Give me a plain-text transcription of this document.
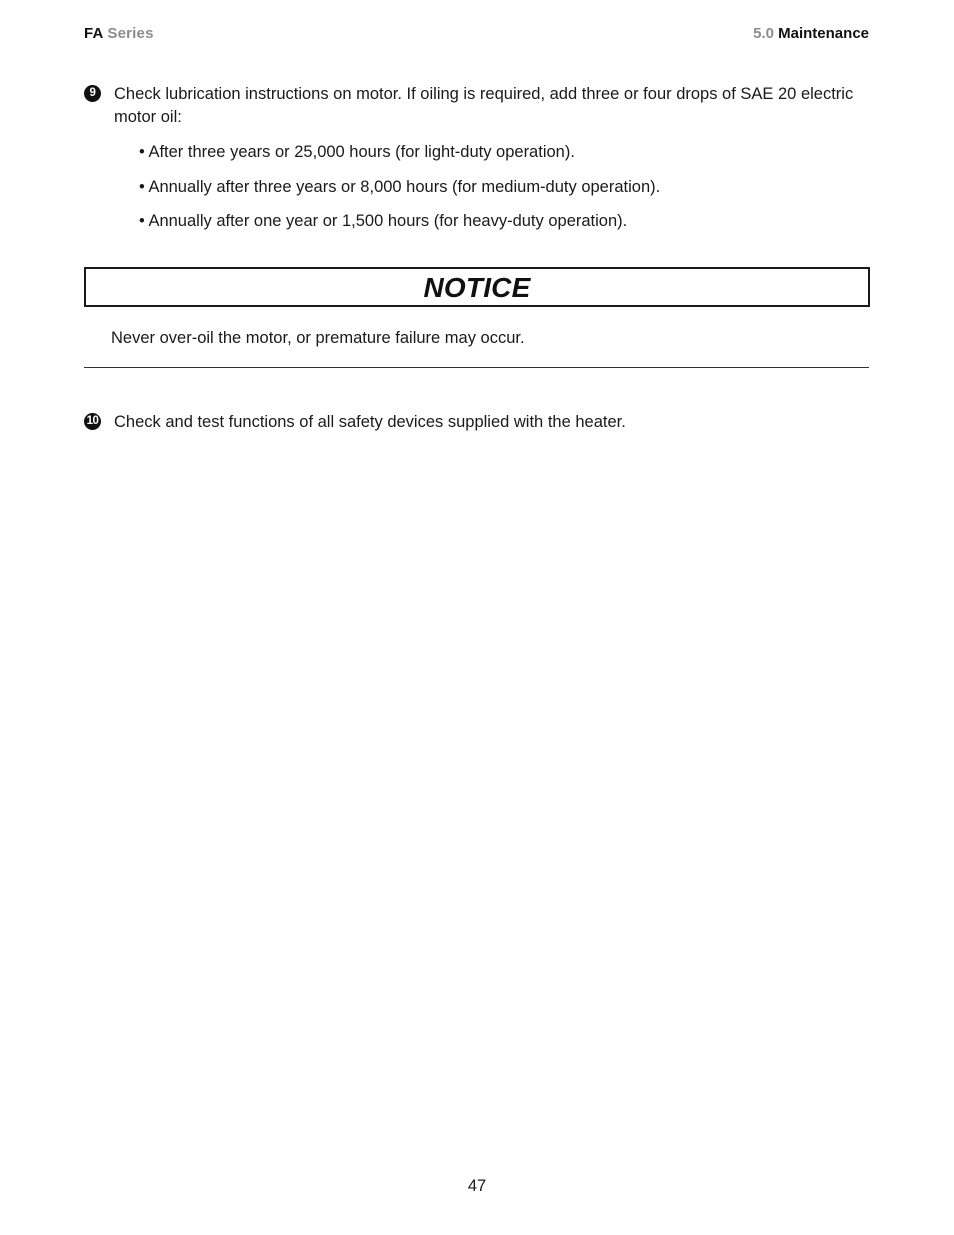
FA Series	5.0 Maintenance
9	Check lubrication instructions on motor. If oiling is required, add three or four drops of SAE 20 electric motor oil:
• After three years or 25,000 hours (for light-duty operation).
• Annually after three years or 8,000 hours (for medium-duty operation).
• Annually after one year or 1,500 hours (for heavy-duty operation).
NOTICE
Never over-oil the motor, or premature failure may occur.
10 Check and test functions of all safety devices supplied with the heater.
47
